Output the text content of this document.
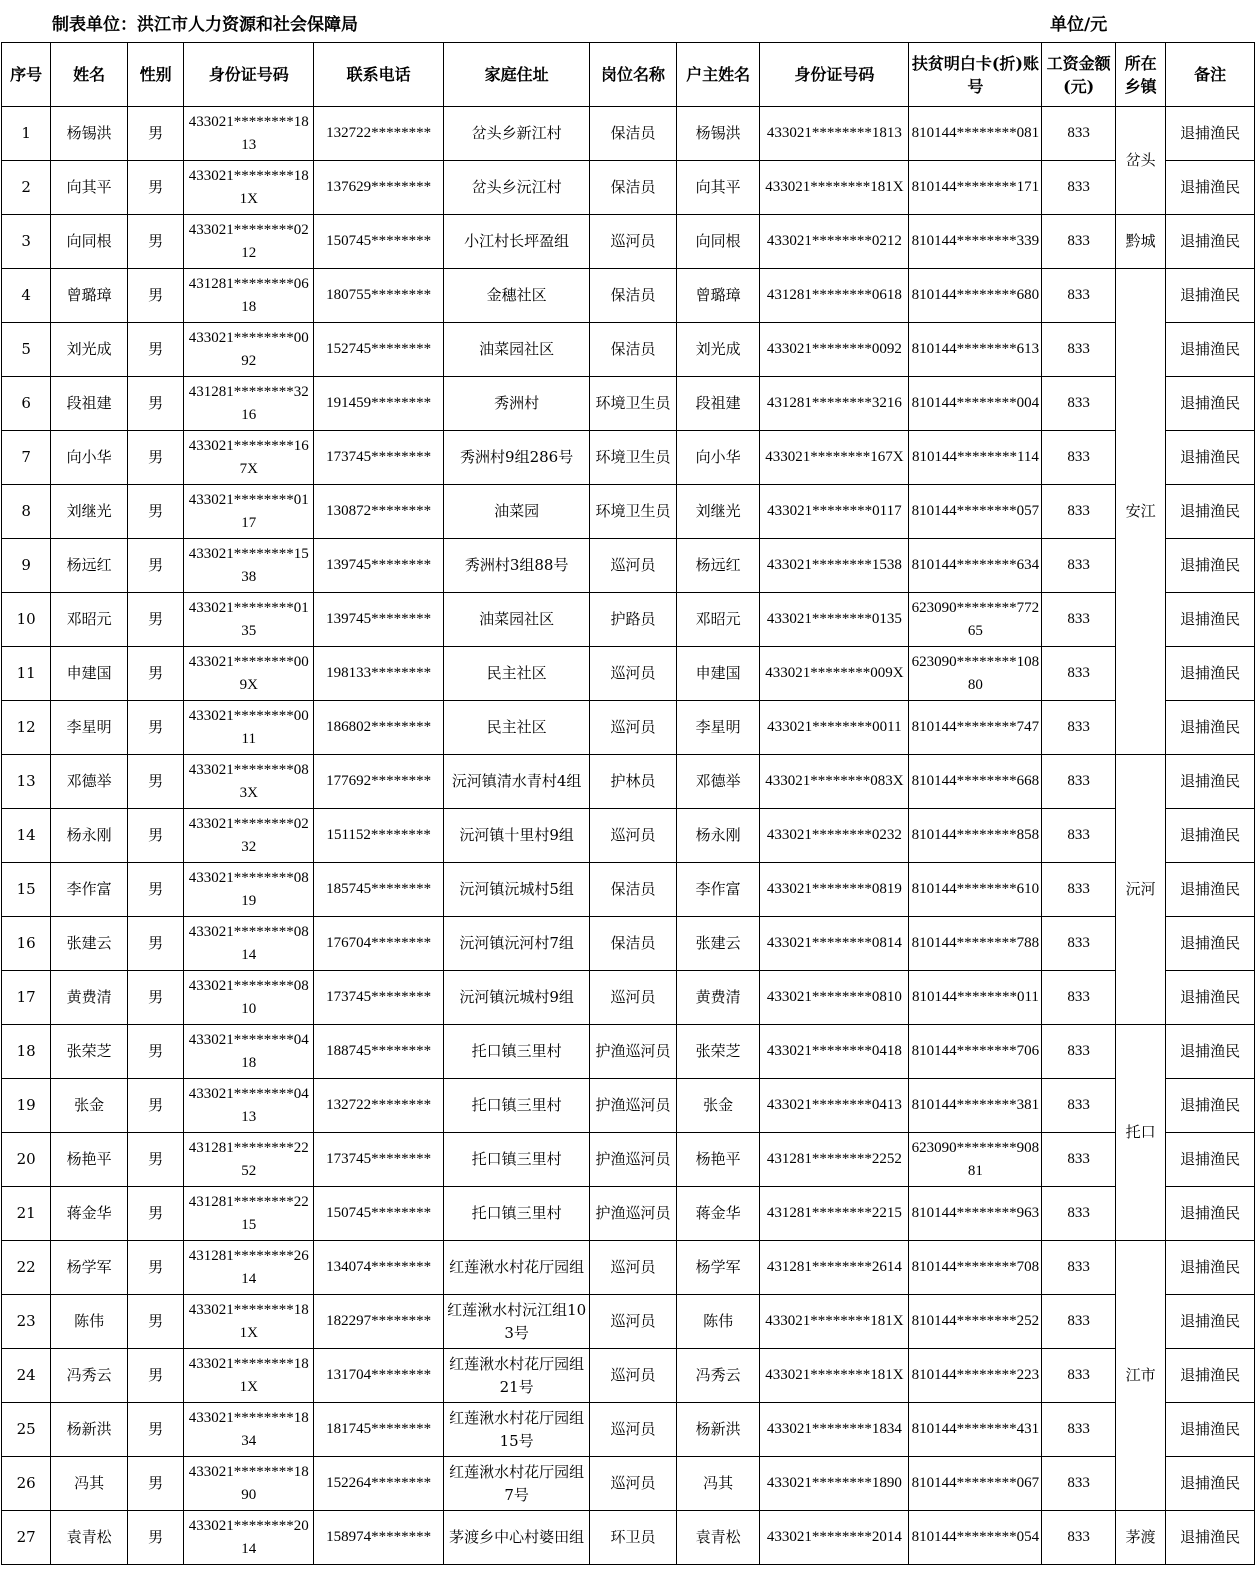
制表单位：洪江市人力资源和社会保障局	单位/元
序号	姓名	性别	身份证号码	联系电话	家庭住址	岗位名称	户主姓名	身份证号码	扶贫明白卡(折)账号	工资金额(元)	所在乡镇	备注
1	杨锡洪	男	433021********1813	132722********	岔头乡新江村	保洁员	杨锡洪	433021********1813	810144********081	833	岔头	退捕渔民
2	向其平	男	433021********181X	137629********	岔头乡沅江村	保洁员	向其平	433021********181X	810144********171	833		退捕渔民
3	向同根	男	433021********0212	150745********	小江村长坪盈组	巡河员	向同根	433021********0212	810144********339	833	黔城	退捕渔民
4	曾璐璋	男	431281********0618	180755********	金穗社区	保洁员	曾璐璋	431281********0618	810144********680	833	安江	退捕渔民
5	刘光成	男	433021********0092	152745********	油菜园社区	保洁员	刘光成	433021********0092	810144********613	833		退捕渔民
6	段祖建	男	431281********3216	191459********	秀洲村	环境卫生员	段祖建	431281********3216	810144********004	833		退捕渔民
7	向小华	男	433021********167X	173745********	秀洲村9组286号	环境卫生员	向小华	433021********167X	810144********114	833		退捕渔民
8	刘继光	男	433021********0117	130872********	油菜园	环境卫生员	刘继光	433021********0117	810144********057	833		退捕渔民
9	杨远红	男	433021********1538	139745********	秀洲村3组88号	巡河员	杨远红	433021********1538	810144********634	833		退捕渔民
10	邓昭元	男	433021********0135	139745********	油菜园社区	护路员	邓昭元	433021********0135	623090********77265	833		退捕渔民
11	申建国	男	433021********009X	198133********	民主社区	巡河员	申建国	433021********009X	623090********10880	833		退捕渔民
12	李星明	男	433021********0011	186802********	民主社区	巡河员	李星明	433021********0011	810144********747	833		退捕渔民
13	邓德举	男	433021********083X	177692********	沅河镇清水青村4组	护林员	邓德举	433021********083X	810144********668	833	沅河	退捕渔民
14	杨永刚	男	433021********0232	151152********	沅河镇十里村9组	巡河员	杨永刚	433021********0232	810144********858	833		退捕渔民
15	李作富	男	433021********0819	185745********	沅河镇沅城村5组	保洁员	李作富	433021********0819	810144********610	833		退捕渔民
16	张建云	男	433021********0814	176704********	沅河镇沅河村7组	保洁员	张建云	433021********0814	810144********788	833		退捕渔民
17	黄费清	男	433021********0810	173745********	沅河镇沅城村9组	巡河员	黄费清	433021********0810	810144********011	833		退捕渔民
18	张荣芝	男	433021********0418	188745********	托口镇三里村	护渔巡河员	张荣芝	433021********0418	810144********706	833	托口	退捕渔民
19	张金	男	433021********0413	132722********	托口镇三里村	护渔巡河员	张金	433021********0413	810144********381	833		退捕渔民
20	杨艳平	男	431281********2252	173745********	托口镇三里村	护渔巡河员	杨艳平	431281********2252	623090********90881	833		退捕渔民
21	蒋金华	男	431281********2215	150745********	托口镇三里村	护渔巡河员	蒋金华	431281********2215	810144********963	833		退捕渔民
22	杨学军	男	431281********2614	134074********	红莲湫水村花厅园组	巡河员	杨学军	431281********2614	810144********708	833	江市	退捕渔民
23	陈伟	男	433021********181X	182297********	红莲湫水村沅江组103号	巡河员	陈伟	433021********181X	810144********252	833		退捕渔民
24	冯秀云	男	433021********181X	131704********	红莲湫水村花厅园组21号	巡河员	冯秀云	433021********181X	810144********223	833		退捕渔民
25	杨新洪	男	433021********1834	181745********	红莲湫水村花厅园组15号	巡河员	杨新洪	433021********1834	810144********431	833		退捕渔民
26	冯其	男	433021********1890	152264********	红莲湫水村花厅园组7号	巡河员	冯其	433021********1890	810144********067	833		退捕渔民
27	袁青松	男	433021********2014	158974********	茅渡乡中心村婆田组	环卫员	袁青松	433021********2014	810144********054	833	茅渡	退捕渔民
